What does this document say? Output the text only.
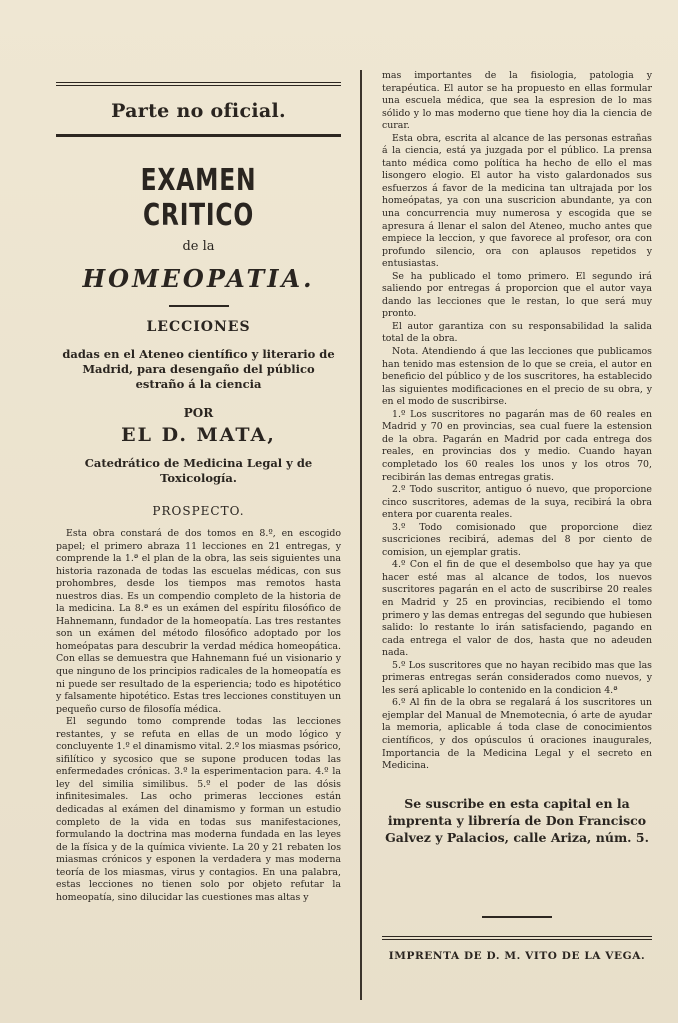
Parte no oficial.
EXAMEN CRITICO
de la
HOMEOPATIA.
LECCIONES
dadas en el Ateneo científico y literario de Madrid, para desengaño del público estraño á la ciencia
POR
EL D. MATA,
Catedrático de Medicina Legal y de Toxicología.
PROSPECTO.

Esta obra constará de dos tomos en 8.º, en escogido papel; el primero abraza 11 lecciones en 21 entregas, y comprende la 1.ª el plan de la obra, las seis siguientes una historia razonada de todas las escuelas médicas, con sus prohombres, desde los tiempos mas remotos hasta nuestros dias. Es un compendio completo de la historia de la medicina. La 8.ª es un exámen del espíritu filosófico de Hahnemann, fundador de la homeopatía. Las tres restantes son un exámen del método filosófico adoptado por los homeópatas para descubrir la verdad médica homeopática. Con ellas se demuestra que Hahnemann fué un visionario y que ninguno de los principios radicales de la homeopatía es ni puede ser resultado de la esperiencia; todo es hipotético y falsamente hipotético. Estas tres lecciones constituyen un pequeño curso de filosofía médica.

El segundo tomo comprende todas las lecciones restantes, y se refuta en ellas de un modo lógico y concluyente 1.º el dinamismo vital. 2.º los miasmas psórico, sifilítico y sycosico que se supone producen todas las enfermedades crónicas. 3.º la esperimentacion para. 4.º la ley del similia similibus. 5.º el poder de las dósis infinitesimales. Las ocho primeras lecciones están dedicadas al exámen del dinamismo y forman un estudio completo de la vida en todas sus manifestaciones, formulando la doctrina mas moderna fundada en las leyes de la física y de la química viviente. La 20 y 21 rebaten los miasmas crónicos y esponen la verdadera y mas moderna teoría de los miasmas, virus y contagios. En una palabra, estas lecciones no tienen solo por objeto refutar la homeopatía, sino dilucidar las cuestiones mas altas y

mas importantes de la fisiologia, patologia y terapéutica. El autor se ha propuesto en ellas formular una escuela médica, que sea la espresion de lo mas sólido y lo mas moderno que tiene hoy dia la ciencia de curar.

Esta obra, escrita al alcance de las personas estrañas á la ciencia, está ya juzgada por el público. La prensa tanto médica como política ha hecho de ello el mas lisongero elogio. El autor ha visto galardonados sus esfuerzos á favor de la medicina tan ultrajada por los homeópatas, ya con una suscricion abundante, ya con una concurrencia muy numerosa y escogida que se apresura á llenar el salon del Ateneo, mucho antes que empiece la leccion, y que favorece al profesor, ora con profundo silencio, ora con aplausos repetidos y entusiastas.

Se ha publicado el tomo primero. El segundo irá saliendo por entregas á proporcion que el autor vaya dando las lecciones que le restan, lo que será muy pronto.

El autor garantiza con su responsabilidad la salida total de la obra.

Nota. Atendiendo á que las lecciones que publicamos han tenido mas estension de lo que se creia, el autor en beneficio del público y de los suscritores, ha establecido las siguientes modificaciones en el precio de su obra, y en el modo de suscribirse.

1.º Los suscritores no pagarán mas de 60 reales en Madrid y 70 en provincias, sea cual fuere la estension de la obra. Pagarán en Madrid por cada entrega dos reales, en provincias dos y medio. Cuando hayan completado los 60 reales los unos y los otros 70, recibirán las demas entregas gratis.

2.º Todo suscritor, antiguo ó nuevo, que proporcione cinco suscritores, ademas de la suya, recibirá la obra entera por cuarenta reales.

3.º Todo comisionado que proporcione diez suscriciones recibirá, ademas del 8 por ciento de comision, un ejemplar gratis.

4.º Con el fin de que el desembolso que hay ya que hacer esté mas al alcance de todos, los nuevos suscritores pagarán en el acto de suscribirse 20 reales en Madrid y 25 en provincias, recibiendo el tomo primero y las demas entregas del segundo que hubiesen salido: lo restante lo irán satisfaciendo, pagando en cada entrega el valor de dos, hasta que no adeuden nada.

5.º Los suscritores que no hayan recibido mas que las primeras entregas serán considerados como nuevos, y les será aplicable lo contenido en la condicion 4.ª

6.º Al fin de la obra se regalará á los suscritores un ejemplar del Manual de Mnemotecnia, ó arte de ayudar la memoria, aplicable á toda clase de conocimientos científicos, y dos opúsculos ú oraciones inaugurales, Importancia de la Medicina Legal y el secreto en Medicina.

Se suscribe en esta capital en la imprenta y librería de Don Francisco Galvez y Palacios, calle Ariza, núm. 5.
IMPRENTA DE D. M. VITO DE LA VEGA.
